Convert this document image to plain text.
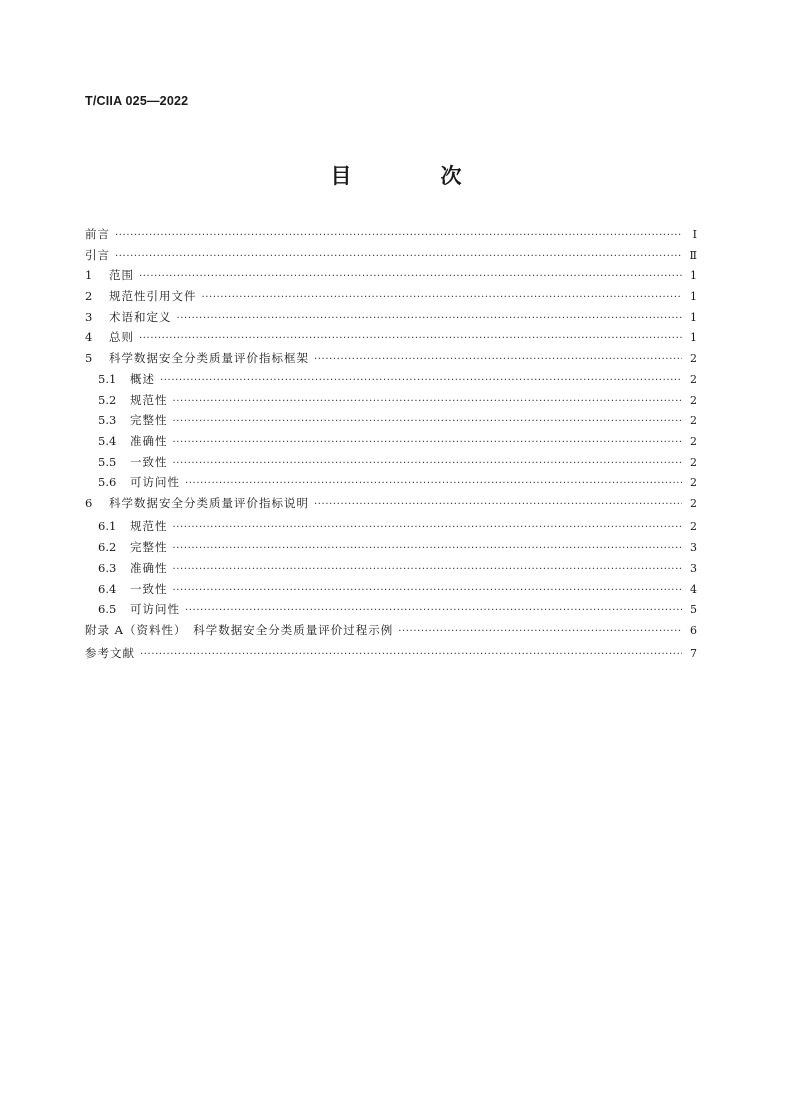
T/CIIA 025—2022
目　次
前言 ·····	Ⅰ
引言 ·····	Ⅱ
1	范围 ·····	1
2	规范性引用文件 ·····	1
3	术语和定义 ·····	1
4	总则 ·····	1
5	科学数据安全分类质量评价指标框架 ·····	2
5.1	概述 ·····	2
5.2	规范性 ·····	2
5.3	完整性 ·····	2
5.4	准确性 ·····	2
5.5	一致性 ·····	2
5.6	可访问性 ·····	2
6	科学数据安全分类质量评价指标说明 ·····	2
6.1	规范性 ·····	2
6.2	完整性 ·····	3
6.3	准确性 ·····	3
6.4	一致性 ·····	4
6.5	可访问性 ·····	5
附录 A（资料性）　科学数据安全分类质量评价过程示例 ·····	6
参考文献 ·····	7
